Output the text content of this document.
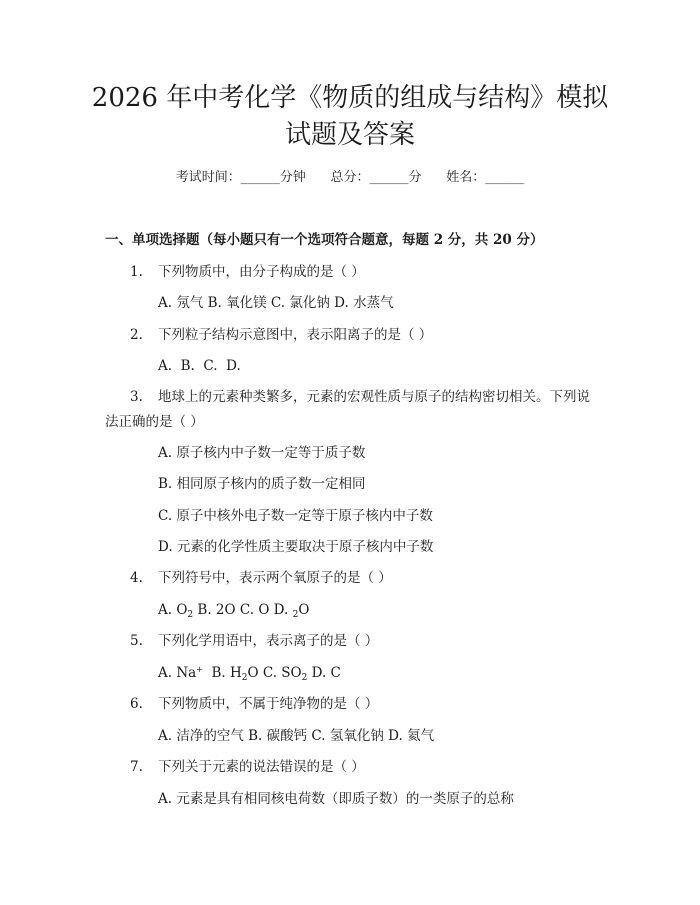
2026 年中考化学《物质的组成与结构》模拟
试题及答案
考试时间：______分钟      总分：______分      姓名：______
一、单项选择题（每小题只有一个选项符合题意，每题 2 分，共 20 分）
1. 下列物质中，由分子构成的是（ ）
A. 氖气 B. 氧化镁 C. 氯化钠 D. 水蒸气
2. 下列粒子结构示意图中，表示阳离子的是（ ）
A.  B.  C.  D.
3. 地球上的元素种类繁多，元素的宏观性质与原子的结构密切相关。下列说
法正确的是（ ）
A. 原子核内中子数一定等于质子数
B. 相同原子核内的质子数一定相同
C. 原子中核外电子数一定等于原子核内中子数
D. 元素的化学性质主要取决于原子核内中子数
4. 下列符号中，表示两个氧原子的是（ ）
A. $O_2$ B. 2O C. O D. $_2$O
5. 下列化学用语中，表示离子的是（ ）
A. Na+  B. $H_2O$ C. $SO_2$ D. C
6. 下列物质中，不属于纯净物的是（ ）
A. 洁净的空气 B. 碳酸钙 C. 氢氧化钠 D. 氦气
7. 下列关于元素的说法错误的是（ ）
A. 元素是具有相同核电荷数（即质子数）的一类原子的总称
